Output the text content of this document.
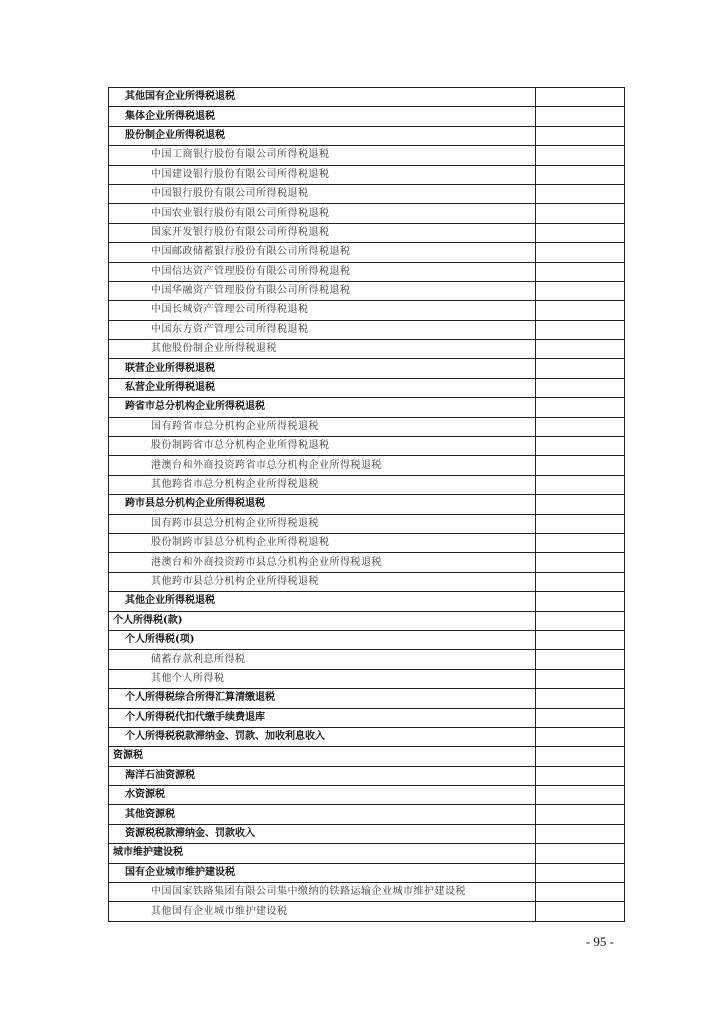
其他国有企业所得税退税	
集体企业所得税退税	
股份制企业所得税退税	
中国工商银行股份有限公司所得税退税	
中国建设银行股份有限公司所得税退税	
中国银行股份有限公司所得税退税	
中国农业银行股份有限公司所得税退税	
国家开发银行股份有限公司所得税退税	
中国邮政储蓄银行股份有限公司所得税退税	
中国信达资产管理股份有限公司所得税退税	
中国华融资产管理股份有限公司所得税退税	
中国长城资产管理公司所得税退税	
中国东方资产管理公司所得税退税	
其他股份制企业所得税退税	
联营企业所得税退税	
私营企业所得税退税	
跨省市总分机构企业所得税退税	
国有跨省市总分机构企业所得税退税	
股份制跨省市总分机构企业所得税退税	
港澳台和外商投资跨省市总分机构企业所得税退税	
其他跨省市总分机构企业所得税退税	
跨市县总分机构企业所得税退税	
国有跨市县总分机构企业所得税退税	
股份制跨市县总分机构企业所得税退税	
港澳台和外商投资跨市县总分机构企业所得税退税	
其他跨市县总分机构企业所得税退税	
其他企业所得税退税	
个人所得税(款)	
个人所得税(项)	
储蓄存款利息所得税	
其他个人所得税	
个人所得税综合所得汇算清缴退税	
个人所得税代扣代缴手续费退库	
个人所得税税款滞纳金、罚款、加收利息收入	
资源税	
海洋石油资源税	
水资源税	
其他资源税	
资源税税款滞纳金、罚款收入	
城市维护建设税	
国有企业城市维护建设税	
中国国家铁路集团有限公司集中缴纳的铁路运输企业城市维护建设税	
其他国有企业城市维护建设税	
- 95 -
